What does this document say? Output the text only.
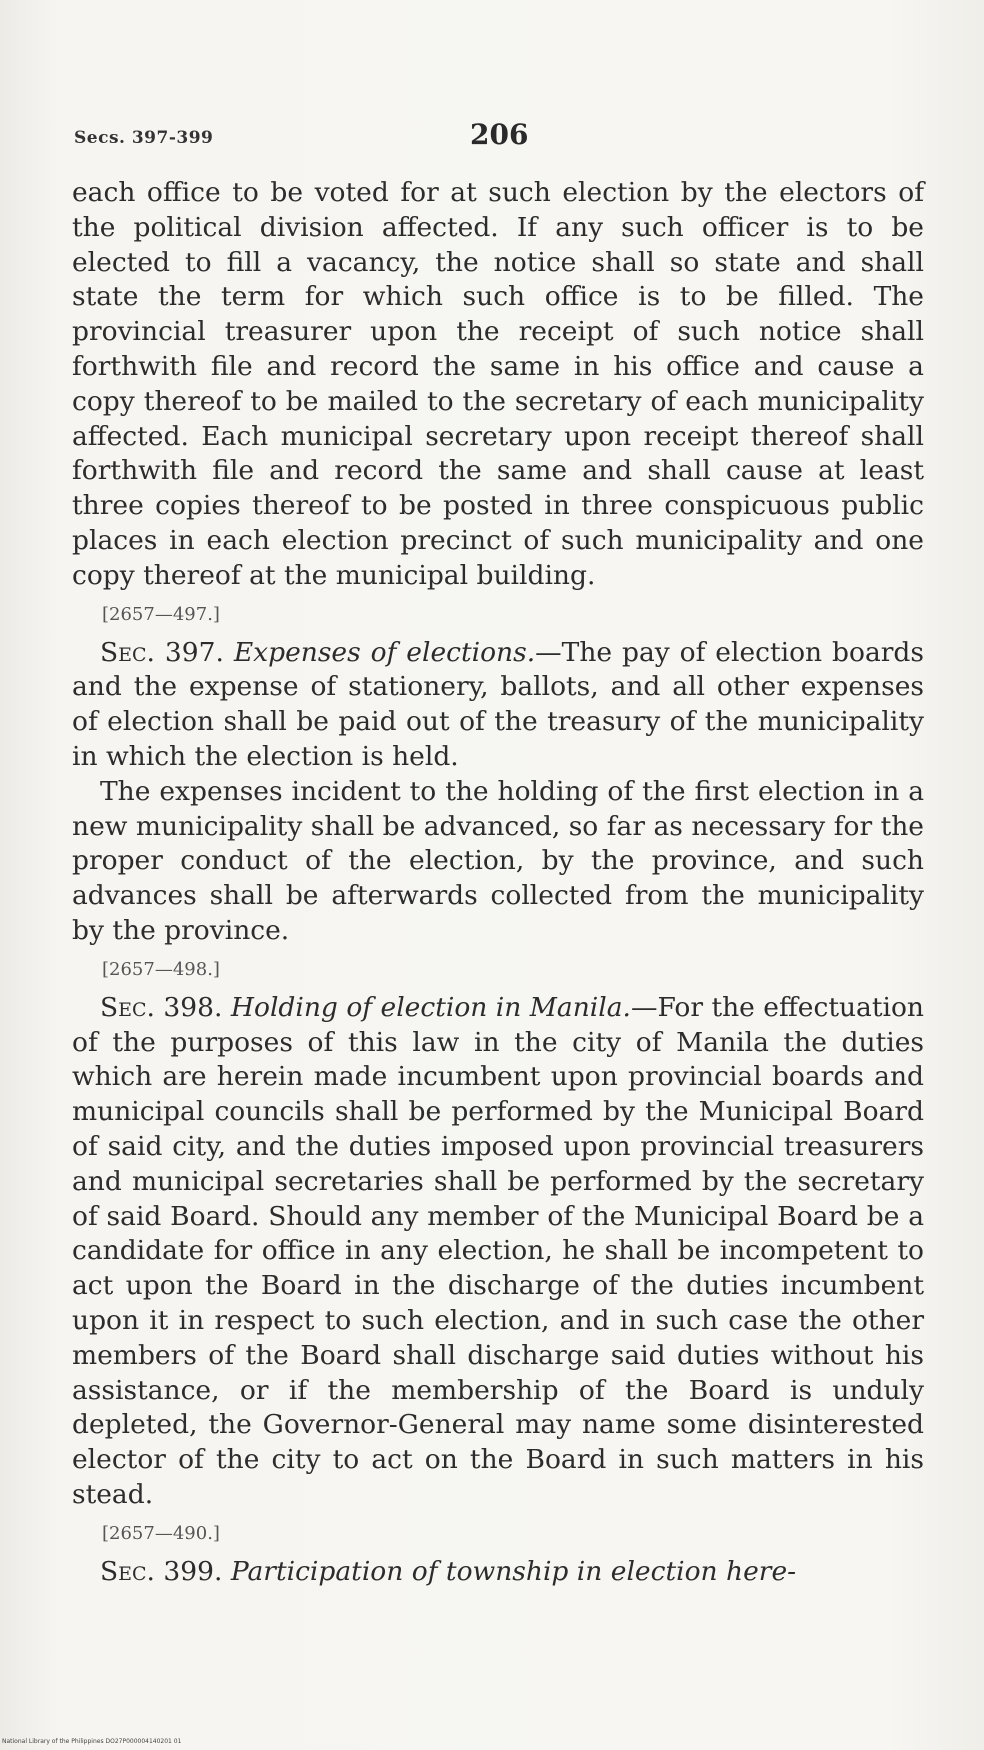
Secs. 397-399	206

each office to be voted for at such election by the electors of the political division affected. If any such officer is to be elected to fill a vacancy, the notice shall so state and shall state the term for which such office is to be filled. The provincial treasurer upon the receipt of such notice shall forthwith file and record the same in his office and cause a copy thereof to be mailed to the secretary of each municipality affected. Each municipal secretary upon receipt thereof shall forthwith file and record the same and shall cause at least three copies thereof to be posted in three conspicuous public places in each election precinct of such municipality and one copy thereof at the municipal building.

[2657—497.]

Sec. 397. Expenses of elections.—The pay of election boards and the expense of stationery, ballots, and all other expenses of election shall be paid out of the treasury of the municipality in which the election is held.

The expenses incident to the holding of the first election in a new municipality shall be advanced, so far as necessary for the proper conduct of the election, by the province, and such advances shall be afterwards collected from the municipality by the province.

[2657—498.]

Sec. 398. Holding of election in Manila.—For the effectuation of the purposes of this law in the city of Manila the duties which are herein made incumbent upon provincial boards and municipal councils shall be performed by the Municipal Board of said city, and the duties imposed upon provincial treasurers and municipal secretaries shall be performed by the secretary of said Board. Should any member of the Municipal Board be a candidate for office in any election, he shall be incompetent to act upon the Board in the discharge of the duties incumbent upon it in respect to such election, and in such case the other members of the Board shall discharge said duties without his assistance, or if the membership of the Board is unduly depleted, the Governor-General may name some disinterested elector of the city to act on the Board in such matters in his stead.

[2657—490.]

Sec. 399. Participation of township in election here-

National Library of the Philippines DO27P000004140201 01
